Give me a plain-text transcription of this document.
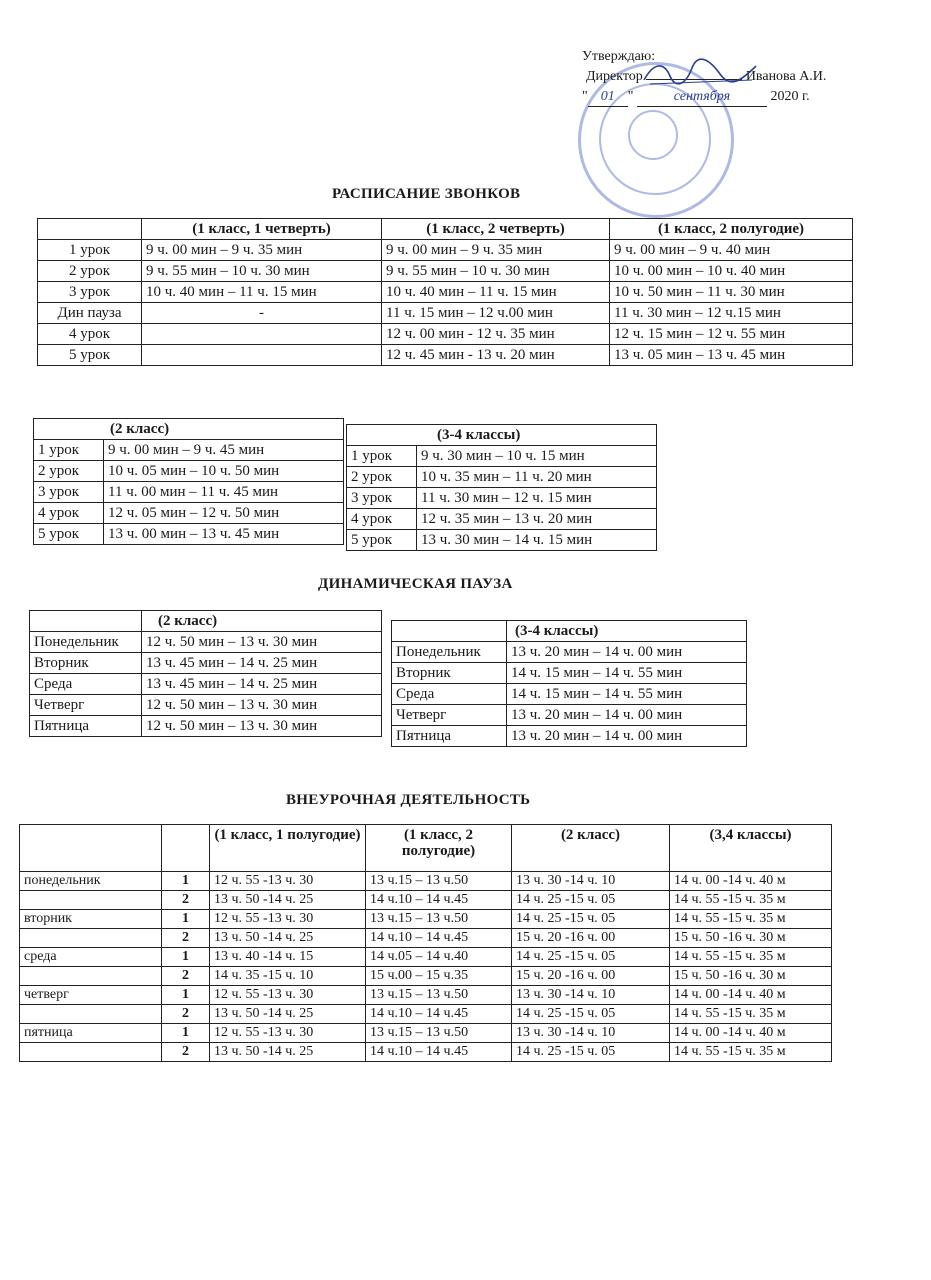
Утверждаю:
Директор	Иванова А.И.
" 01 "	сентября	2020 г.
РАСПИСАНИЕ ЗВОНКОВ
	(1 класс, 1 четверть)	(1 класс, 2 четверть)	(1 класс, 2 полугодие)
1 урок	9 ч. 00 мин – 9 ч. 35 мин	9 ч. 00 мин – 9 ч. 35 мин	9 ч. 00 мин – 9 ч. 40 мин
2 урок	9 ч. 55 мин – 10 ч. 30 мин	9 ч. 55 мин – 10 ч. 30 мин	10 ч. 00 мин – 10 ч. 40 мин
3 урок	10 ч. 40 мин – 11 ч. 15 мин	10 ч. 40 мин – 11 ч. 15 мин	10 ч. 50 мин – 11 ч. 30 мин
Дин пауза	-	11 ч. 15 мин – 12 ч.00 мин	11 ч. 30 мин – 12 ч.15 мин
4 урок		12 ч. 00 мин - 12 ч. 35 мин	12 ч. 15 мин – 12 ч. 55 мин
5 урок		12 ч. 45 мин - 13 ч. 20 мин	13 ч. 05 мин – 13 ч. 45 мин
(2 класс)	
1 урок	9 ч. 00 мин – 9 ч. 45 мин
2 урок	10 ч. 05 мин – 10 ч. 50 мин
3 урок	11 ч. 00 мин – 11 ч. 45 мин
4 урок	12 ч. 05 мин – 12 ч. 50 мин
5 урок	13 ч. 00 мин – 13 ч. 45 мин
(3-4 классы)	
1 урок	9 ч. 30 мин – 10 ч. 15 мин
2 урок	10 ч. 35 мин – 11 ч. 20 мин
3 урок	11 ч. 30 мин – 12 ч. 15 мин
4 урок	12 ч. 35 мин – 13 ч. 20 мин
5 урок	13 ч. 30 мин – 14 ч. 15 мин
ДИНАМИЧЕСКАЯ ПАУЗА
	(2 класс)
Понедельник	12 ч. 50 мин – 13 ч. 30 мин
Вторник	13 ч. 45 мин – 14 ч. 25 мин
Среда	13 ч. 45 мин – 14 ч. 25 мин
Четверг	12 ч. 50 мин – 13 ч. 30 мин
Пятница	12 ч. 50 мин – 13 ч. 30 мин
	(3-4 классы)
Понедельник	13 ч. 20 мин – 14 ч. 00 мин
Вторник	14 ч. 15 мин – 14 ч. 55 мин
Среда	14 ч. 15 мин – 14 ч. 55 мин
Четверг	13 ч. 20 мин – 14 ч. 00 мин
Пятница	13 ч. 20 мин – 14 ч. 00 мин
ВНЕУРОЧНАЯ ДЕЯТЕЛЬНОСТЬ
		(1 класс, 1 полугодие)	(1 класс, 2 полугодие)	(2 класс)	(3,4 классы)
понедельник	1	12 ч. 55 -13 ч. 30	13 ч.15 – 13 ч.50	13 ч. 30 -14 ч. 10	14 ч. 00 -14 ч. 40 м
	2	13 ч. 50 -14 ч. 25	14 ч.10 – 14 ч.45	14 ч. 25 -15 ч. 05	14 ч. 55 -15 ч. 35 м
вторник	1	12 ч. 55 -13 ч. 30	13 ч.15 – 13 ч.50	14 ч. 25 -15 ч. 05	14 ч. 55 -15 ч. 35 м
	2	13 ч. 50 -14 ч. 25	14 ч.10 – 14 ч.45	15 ч. 20 -16 ч. 00	15 ч. 50 -16 ч. 30 м
среда	1	13 ч. 40 -14 ч. 15	14 ч.05 – 14 ч.40	14 ч. 25 -15 ч. 05	14 ч. 55 -15 ч. 35 м
	2	14 ч. 35 -15 ч. 10	15 ч.00 – 15 ч.35	15 ч. 20 -16 ч. 00	15 ч. 50 -16 ч. 30 м
четверг	1	12 ч. 55 -13 ч. 30	13 ч.15 – 13 ч.50	13 ч. 30 -14 ч. 10	14 ч. 00 -14 ч. 40 м
	2	13 ч. 50 -14 ч. 25	14 ч.10 – 14 ч.45	14 ч. 25 -15 ч. 05	14 ч. 55 -15 ч. 35 м
пятница	1	12 ч. 55 -13 ч. 30	13 ч.15 – 13 ч.50	13 ч. 30 -14 ч. 10	14 ч. 00 -14 ч. 40 м
	2	13 ч. 50 -14 ч. 25	14 ч.10 – 14 ч.45	14 ч. 25 -15 ч. 05	14 ч. 55 -15 ч. 35 м
